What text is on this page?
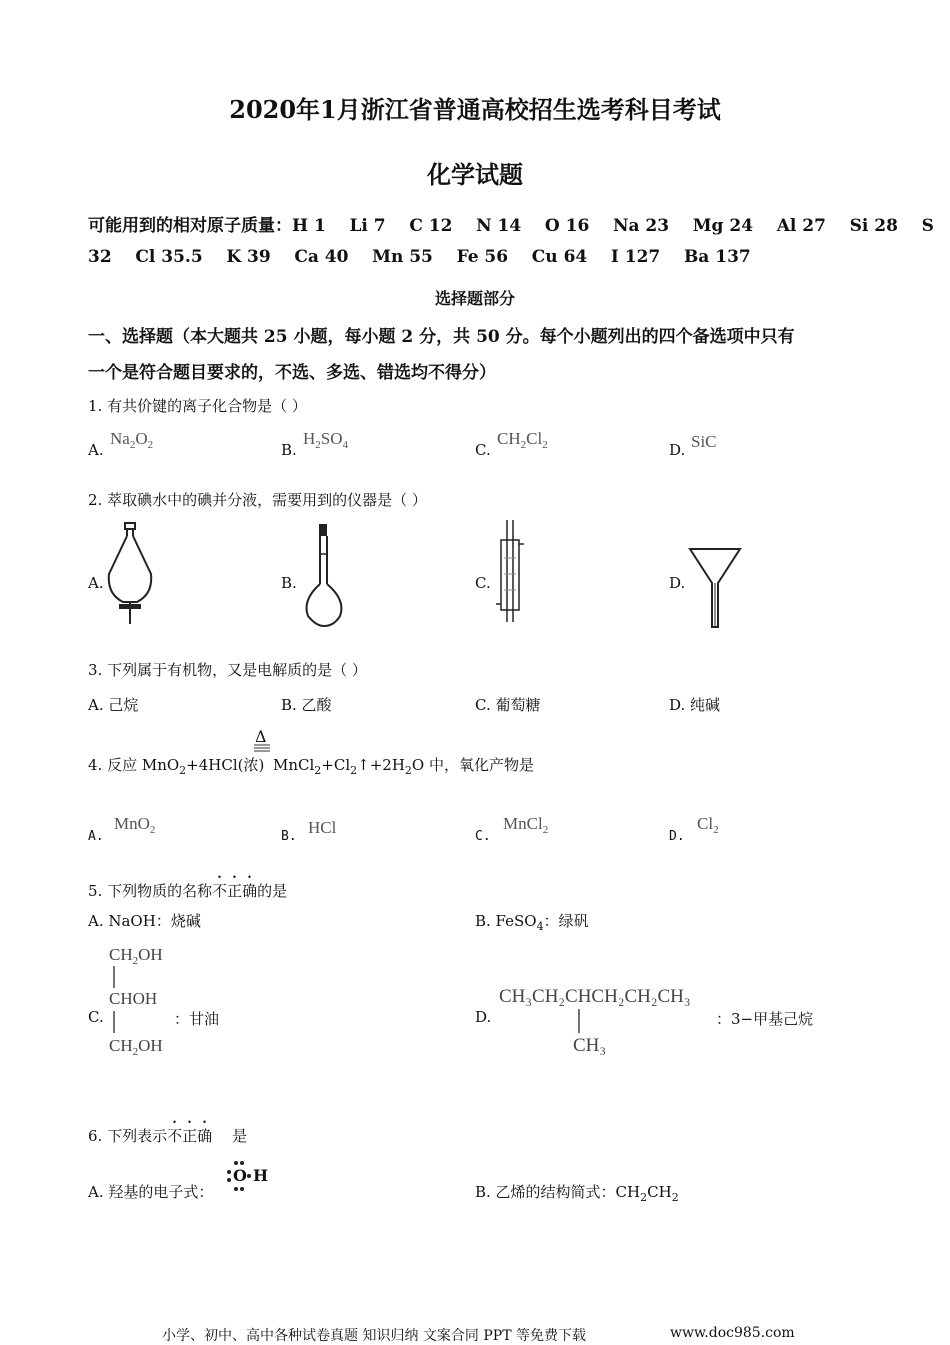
2020年1月浙江省普通高校招生选考科目考试
化学试题
可能用到的相对原子质量：H 1    Li 7    C 12    N 14    O 16    Na 23    Mg 24    Al 27    Si 28    S
32    Cl 35.5    K 39    Ca 40    Mn 55    Fe 56    Cu 64    I 127    Ba 137
选择题部分
一、选择题（本大题共 25 小题，每小题 2 分，共 50 分。每个小题列出的四个备选项中只有
一个是符合题目要求的，不选、多选、错选均不得分）
1. 有共价键的离子化合物是（ ）
A.
$Na_2O_2$	B.
$H_2SO_4$	C.
$CH_2Cl_2$	D. SiC
2. 萃取碘水中的碘并分液，需要用到的仪器是（ ）
A.	B.	C.	D.
3. 下列属于有机物，又是电解质的是（ ）
A. 己烷	B. 乙酸	C. 葡萄糖	D. 纯碱
4. 反应 MnO$_2$+4HCl(浓)
Δ
$MnCl_2+Cl_2↑+2H_2O$ 中，氧化产物是
A.
MnO$_2$	B. HCl	C.
MnCl$_2$	D.
$Cl_2$
5. 下列物质的名称不正确的是
A. NaOH：烧碱	B. FeSO$_4$：绿矾
C.
$CH_2OH$
CHOH
$CH_2OH$
：甘油	D.
CH₃CH₂CHCH₂CH₂CH₃
CH₃
：3−甲基己烷
6. 下列表示不正确 是
A. 羟基的电子式：
O H
B. 乙烯的结构简式：$CH_2CH_2$
小学、初中、高中各种试卷真题 知识归纳 文案合同 PPT 等免费下载	www.doc985.com
